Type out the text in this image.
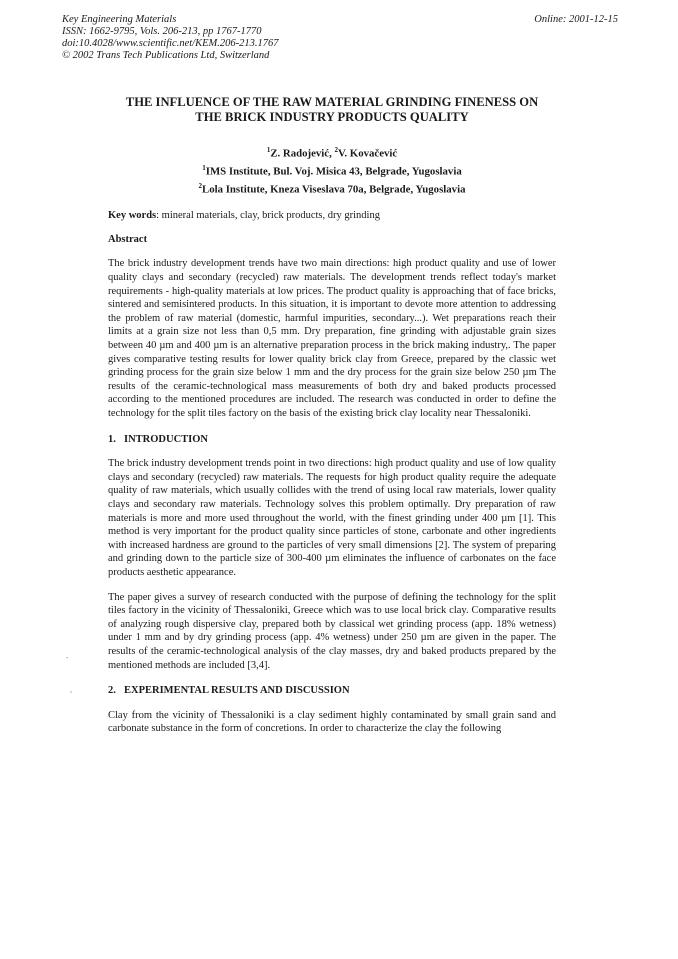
Key Engineering Materials
ISSN: 1662-9795, Vols. 206-213, pp 1767-1770
doi:10.4028/www.scientific.net/KEM.206-213.1767
© 2002 Trans Tech Publications Ltd, Switzerland
Online: 2001-12-15
THE INFLUENCE OF THE RAW MATERIAL GRINDING FINENESS ON
THE BRICK INDUSTRY PRODUCTS QUALITY
$^1$Z. Radojević, $^2$V. Kovačević
$^1$IMS Institute, Bul. Voj. Misica 43, Belgrade, Yugoslavia
$^2$Lola Institute, Kneza Viseslava 70a, Belgrade, Yugoslavia
Key words: mineral materials, clay, brick products, dry grinding
Abstract
The brick industry development trends have two main directions: high product quality and use of lower quality clays and secondary (recycled) raw materials. The development trends reflect today's market requirements - high-quality materials at low prices. The product quality is approaching that of face bricks, sintered and semisintered products. In this situation, it is important to devote more attention to addressing the problem of raw material (domestic, harmful impurities, secondary...). Wet preparations reach their limits at a grain size not less than 0,5 mm. Dry preparation, fine grinding with adjustable grain sizes between 40 µm and 400 µm is an alternative preparation process in the brick making industry,. The paper gives comparative testing results for lower quality brick clay from Greece, prepared by the classic wet grinding process for the grain size below 1 mm and the dry process for the grain size below 250 µm The results of the ceramic-technological mass measurements of both dry and baked products processed according to the mentioned procedures are included. The research was conducted in order to define the technology for the split tiles factory on the basis of the existing brick clay locality near Thessaloniki.
1. INTRODUCTION
The brick industry development trends point in two directions: high product quality and use of low quality clays and secondary (recycled) raw materials. The requests for high product quality require the adequate quality of raw materials, which usually collides with the trend of using local raw materials, lower quality clays and secondary raw materials. Technology solves this problem optimally. Dry preparation of raw materials is more and more used throughout the world, with the finest grinding under 400 µm [1]. This method is very important for the product quality since particles of stone, carbonate and other ingredients with increased hardness are ground to the particles of very small dimensions [2]. The system of preparing and grinding down to the particle size of 300-400 µm eliminates the influence of carbonates on the face products aesthetic appearance.
The paper gives a survey of research conducted with the purpose of defining the technology for the split tiles factory in the vicinity of Thessaloniki, Greece which was to use local brick clay. Comparative results of analyzing rough dispersive clay, prepared both by classical wet grinding process (app. 18% wetness) under 1 mm and by dry grinding process (app. 4% wetness) under 250 µm are given in the paper. The results of the ceramic-technological analysis of the clay masses, dry and baked products prepared by the mentioned methods are included [3,4].
2. EXPERIMENTAL RESULTS AND DISCUSSION
Clay from the vicinity of Thessaloniki is a clay sediment highly contaminated by small grain sand and carbonate substance in the form of concretions. In order to characterize the clay the following
-
,
